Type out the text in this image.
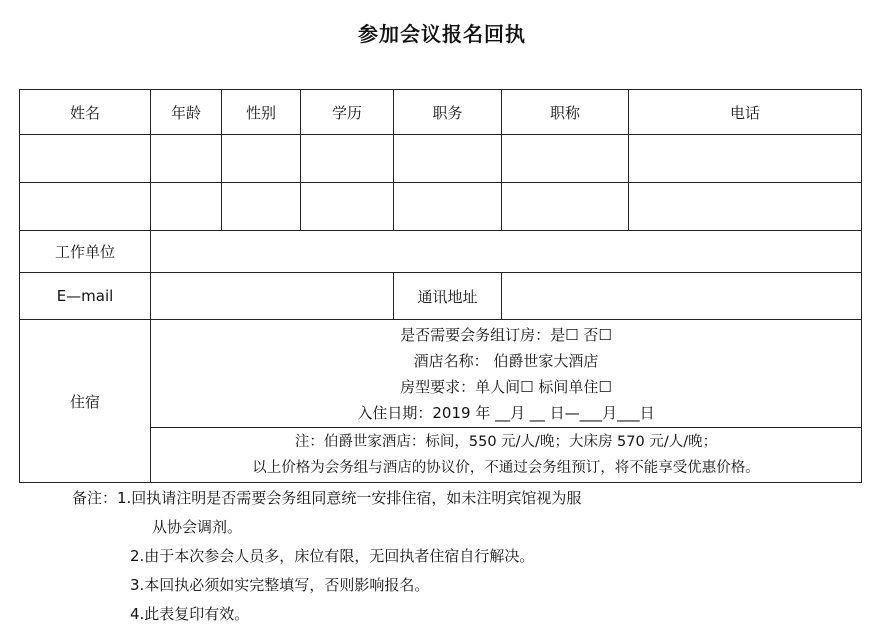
参加会议报名回执
姓名	年龄	性别	学历	职务	职称	电话

工作单位						
E—mail				通讯地址		
住宿	是否需要会务组订房：是☐ 否☐
酒店名称： 伯爵世家大酒店
房型要求：单人间☐ 标间单住☐
入住日期：2019 年 __月 __ 日—___月___日					

	注：伯爵世家酒店：标间，550 元/人/晚；大床房 570 元/人/晚；
以上价格为会务组与酒店的协议价，不通过会务组预订，将不能享受优惠价格。					
备注：1.回执请注明是否需要会务组同意统一安排住宿，如未注明宾馆视为服
从协会调剂。
2.由于本次参会人员多，床位有限，无回执者住宿自行解决。
3.本回执必须如实完整填写，否则影响报名。
4.此表复印有效。
